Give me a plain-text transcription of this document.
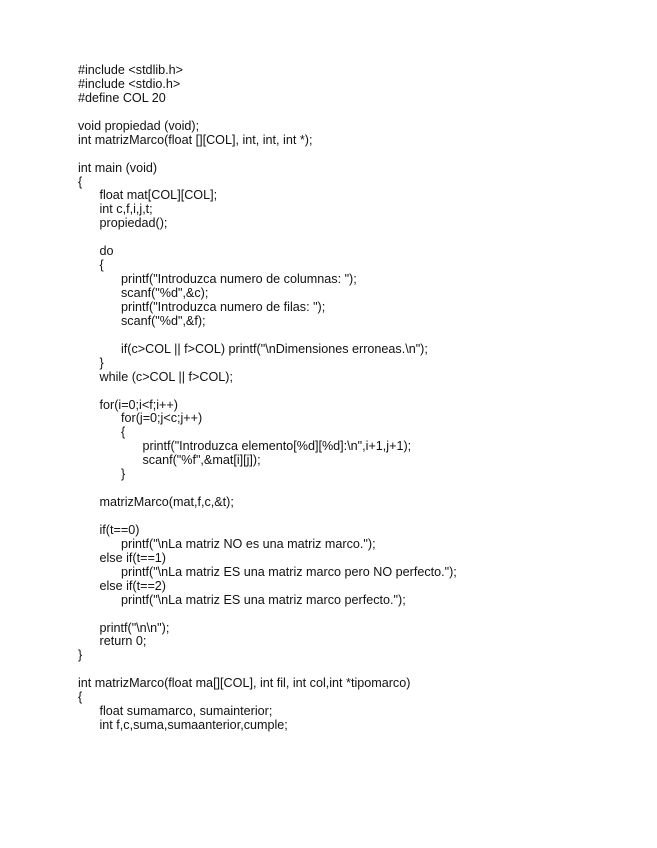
#include <stdlib.h>
#include <stdio.h>
#define COL 20
void propiedad (void);
int matrizMarco(float [][COL], int, int, int *);
int main (void)
{
float mat[COL][COL];
int c,f,i,j,t;
propiedad();
do
{
printf("Introduzca numero de columnas: ");
scanf("%d",&c);
printf("Introduzca numero de filas: ");
scanf("%d",&f);
if(c>COL || f>COL) printf("\nDimensiones erroneas.\n");
}
while (c>COL || f>COL);
for(i=0;i<f;i++)
for(j=0;j<c;j++)
{
printf("Introduzca elemento[%d][%d]:\n",i+1,j+1);
scanf("%f",&mat[i][j]);
}
matrizMarco(mat,f,c,&t);
if(t==0)
printf("\nLa matriz NO es una matriz marco.");
else if(t==1)
printf("\nLa matriz ES una matriz marco pero NO perfecto.");
else if(t==2)
printf("\nLa matriz ES una matriz marco perfecto.");
printf("\n\n");
return 0;
}
int matrizMarco(float ma[][COL], int fil, int col,int *tipomarco)
{
float sumamarco, sumainterior;
int f,c,suma,sumaanterior,cumple;
